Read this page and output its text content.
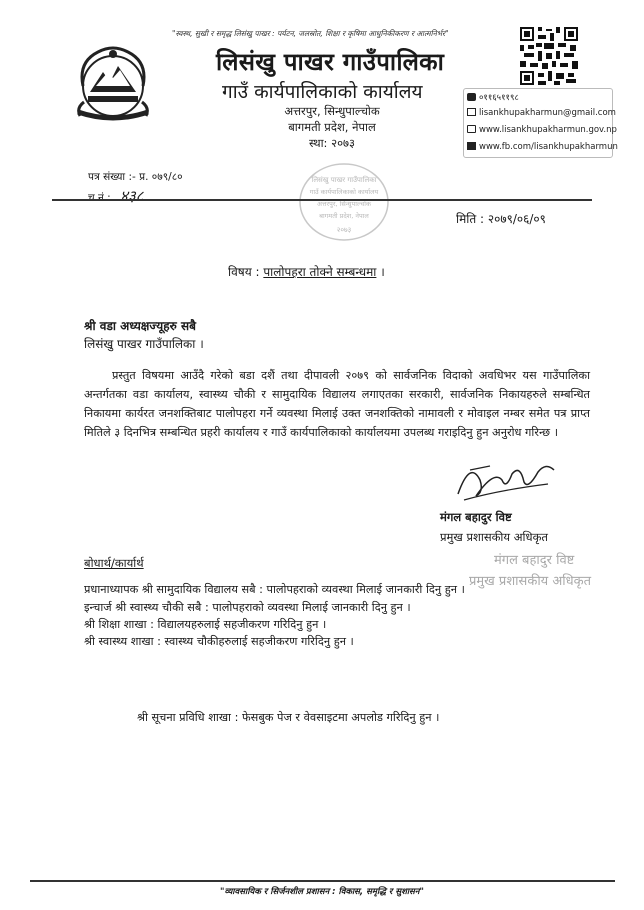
"स्वस्थ, सुखी र समृद्ध लिसंखु पाखर : पर्यटन, जलस्रोत, शिक्षा र कृषिमा आधुनिकीकरण र आत्मनिर्भर"
लिसंखु पाखर गाउँपालिका
गाउँ कार्यपालिकाको कार्यालय
अत्तरपुर, सिन्धुपाल्चोक
बागमती प्रदेश, नेपाल
स्था: २०७३
०११६५११९८
lisankhupakharmun@gmail.com
www.lisankhupakharmun.gov.np
www.fb.com/lisankhupakharmun
पत्र संख्या :- प्र. ०७९/८०
च.नं.: ४३८
लिसंखु पाखर गाउँपालिका
गाउँ कार्यपालिकाको कार्यालय
अत्तरपुर, सिन्धुपाल्चोक
बागमती प्रदेश, नेपाल
२०७३
मिति : २०७९/०६/०९
विषय : पालोपहरा तोक्ने सम्बन्धमा ।
श्री वडा अध्यक्षज्यूहरु सबै
लिसंखु पाखर गाउँपालिका ।
प्रस्तुत विषयमा आउँदै गरेको बडा दशैं तथा दीपावली २०७९ को सार्वजनिक विदाको अवधिभर यस गाउँपालिका अन्तर्गतका वडा कार्यालय, स्वास्थ्य चौकी र सामुदायिक विद्यालय लगाएतका सरकारी, सार्वजनिक निकायहरुले सम्बन्धित निकायमा कार्यरत जनशक्तिबाट पालोपहरा गर्ने व्यवस्था मिलाई उक्त जनशक्तिको नामावली र मोवाइल नम्बर समेत पत्र प्राप्त मितिले ३ दिनभित्र सम्बन्धित प्रहरी कार्यालय र गाउँ कार्यपालिकाको कार्यालयमा उपलब्ध गराइदिनु हुन अनुरोध गरिन्छ ।
मंगल बहादुर विष्ट
प्रमुख प्रशासकीय अधिकृत
मंगल बहादुर विष्ट
प्रमुख प्रशासकीय अधिकृत
बोधार्थ/कार्यार्थ
प्रधानाध्यापक श्री सामुदायिक विद्यालय सबै : पालोपहराको व्यवस्था मिलाई जानकारी दिनु हुन ।
इन्चार्ज श्री स्वास्थ्य चौकी सबै : पालोपहराको व्यवस्था मिलाई जानकारी दिनु हुन ।
श्री शिक्षा शाखा : विद्यालयहरुलाई सहजीकरण गरिदिनु हुन ।
श्री स्वास्थ्य शाखा : स्वास्थ्य चौकीहरुलाई सहजीकरण गरिदिनु हुन ।
श्री सूचना प्रविधि शाखा : फेसबुक पेज र वेवसाइटमा अपलोड गरिदिनु हुन ।
"व्यावसायिक र सिर्जनशील प्रशासन : विकास, समृद्धि र सुशासन"
